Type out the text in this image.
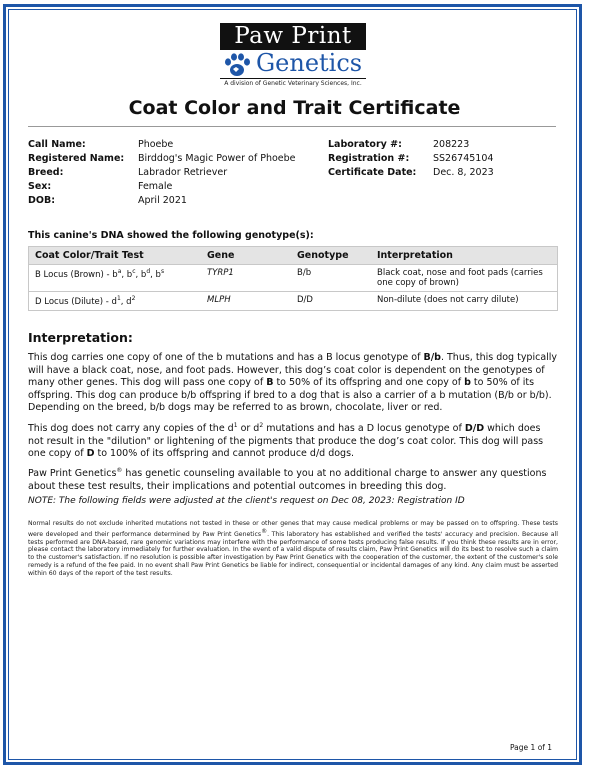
Paw Print
Genetics
A division of Genetic Veterinary Sciences, Inc.
Coat Color and Trait Certificate
Call Name:	Phoebe
Registered Name: Birddog's Magic Power of Phoebe
Breed:	Labrador Retriever
Sex:	Female
DOB:	April 2021
Laboratory #:	208223
Registration #: SS26745104
Certificate Date: Dec. 8, 2023
This canine's DNA showed the following genotype(s):
Coat Color/Trait Test	Gene	Genotype	Interpretation
B Locus (Brown) - $b^a$, $b^c$, $b^d$, $b^s$	TYRP1	B/b	Black coat, nose and foot pads (carries one copy of brown)
D Locus (Dilute) - $d^1$, $d^2$	MLPH	D/D	Non-dilute (does not carry dilute)
Interpretation:
This dog carries one copy of one of the b mutations and has a B locus genotype of B/b. Thus, this dog typically will have a black coat, nose, and foot pads. However, this dog’s coat color is dependent on the genotypes of many other genes. This dog will pass one copy of B to 50% of its offspring and one copy of b to 50% of its offspring. This dog can produce b/b offspring if bred to a dog that is also a carrier of a b mutation (B/b or b/b). Depending on the breed, b/b dogs may be referred to as brown, chocolate, liver or red.
This dog does not carry any copies of the $d^1$ or $d^2$ mutations and has a D locus genotype of D/D which does not result in the "dilution" or lightening of the pigments that produce the dog’s coat color. This dog will pass one copy of D to 100% of its offspring and cannot produce d/d dogs.
Paw Print Genetics® has genetic counseling available to you at no additional charge to answer any questions about these test results, their implications and potential outcomes in breeding this dog.
NOTE: The following fields were adjusted at the client's request on Dec 08, 2023: Registration ID
Normal results do not exclude inherited mutations not tested in these or other genes that may cause medical problems or may be passed on to offspring. These tests were developed and their performance determined by Paw Print Genetics®. This laboratory has established and verified the tests' accuracy and precision. Because all tests performed are DNA-based, rare genomic variations may interfere with the performance of some tests producing false results. If you think these results are in error, please contact the laboratory immediately for further evaluation. In the event of a valid dispute of results claim, Paw Print Genetics will do its best to resolve such a claim to the customer's satisfaction. If no resolution is possible after investigation by Paw Print Genetics with the cooperation of the customer, the extent of the customer's sole remedy is a refund of the fee paid. In no event shall Paw Print Genetics be liable for indirect, consequential or incidental damages of any kind. Any claim must be asserted within 60 days of the report of the test results.
Page 1 of 1
